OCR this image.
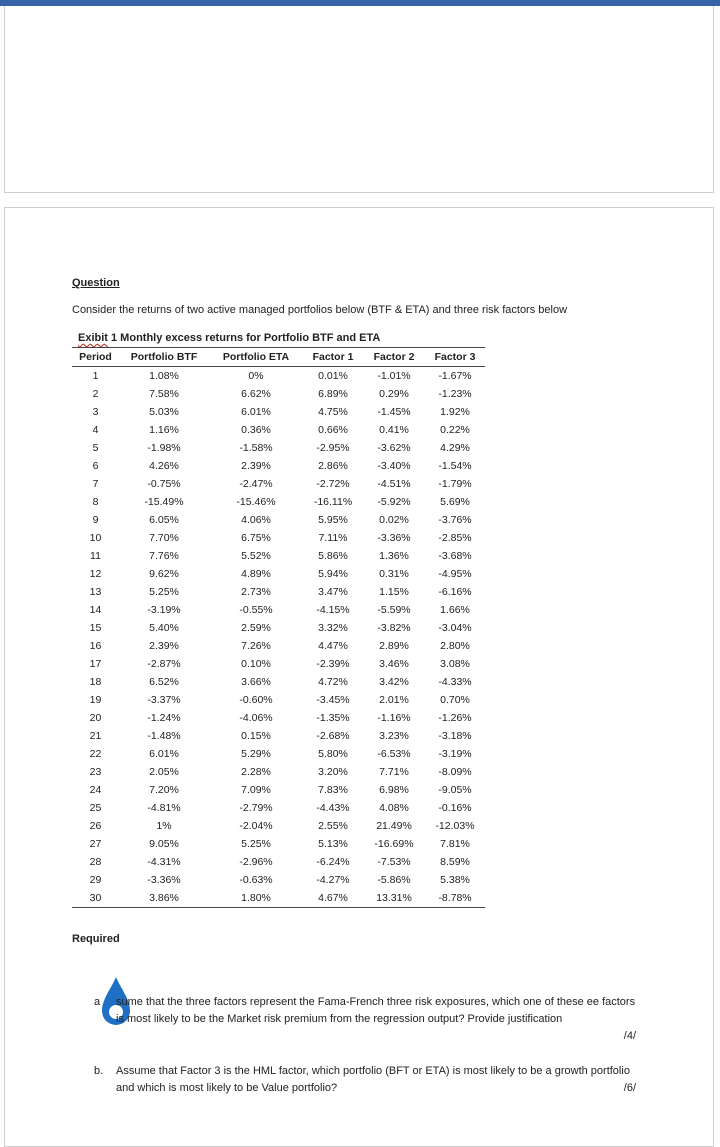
Question
Consider the returns of two active managed portfolios below (BTF & ETA) and three risk factors below
Exibit 1 Monthly excess returns for Portfolio BTF and ETA
Period	Portfolio BTF	Portfolio ETA	Factor 1	Factor 2	Factor 3
1	1.08%	0%	0.01%	-1.01%	-1.67%
2	7.58%	6.62%	6.89%	0.29%	-1.23%
3	5.03%	6.01%	4.75%	-1.45%	1.92%
4	1.16%	0.36%	0.66%	0.41%	0.22%
5	-1.98%	-1.58%	-2.95%	-3.62%	4.29%
6	4.26%	2.39%	2.86%	-3.40%	-1.54%
7	-0.75%	-2.47%	-2.72%	-4.51%	-1.79%
8	-15.49%	-15.46%	-16.11%	-5.92%	5.69%
9	6.05%	4.06%	5.95%	0.02%	-3.76%
10	7.70%	6.75%	7.11%	-3.36%	-2.85%
11	7.76%	5.52%	5.86%	1.36%	-3.68%
12	9.62%	4.89%	5.94%	0.31%	-4.95%
13	5.25%	2.73%	3.47%	1.15%	-6.16%
14	-3.19%	-0.55%	-4.15%	-5.59%	1.66%
15	5.40%	2.59%	3.32%	-3.82%	-3.04%
16	2.39%	7.26%	4.47%	2.89%	2.80%
17	-2.87%	0.10%	-2.39%	3.46%	3.08%
18	6.52%	3.66%	4.72%	3.42%	-4.33%
19	-3.37%	-0.60%	-3.45%	2.01%	0.70%
20	-1.24%	-4.06%	-1.35%	-1.16%	-1.26%
21	-1.48%	0.15%	-2.68%	3.23%	-3.18%
22	6.01%	5.29%	5.80%	-6.53%	-3.19%
23	2.05%	2.28%	3.20%	7.71%	-8.09%
24	7.20%	7.09%	7.83%	6.98%	-9.05%
25	-4.81%	-2.79%	-4.43%	4.08%	-0.16%
26	1%	-2.04%	2.55%	21.49%	-12.03%
27	9.05%	5.25%	5.13%	-16.69%	7.81%
28	-4.31%	-2.96%	-6.24%	-7.53%	8.59%
29	-3.36%	-0.63%	-4.27%	-5.86%	5.38%
30	3.86%	1.80%	4.67%	13.31%	-8.78%
Required
a sume that the three factors represent the Fama-French three risk exposures, which one of these ee factors is most likely to be the Market risk premium from the regression output? Provide justification
/4/
b. Assume that Factor 3 is the HML factor, which portfolio (BFT or ETA) is most likely to be a growth portfolio and which is most likely to be Value portfolio?	/6/
